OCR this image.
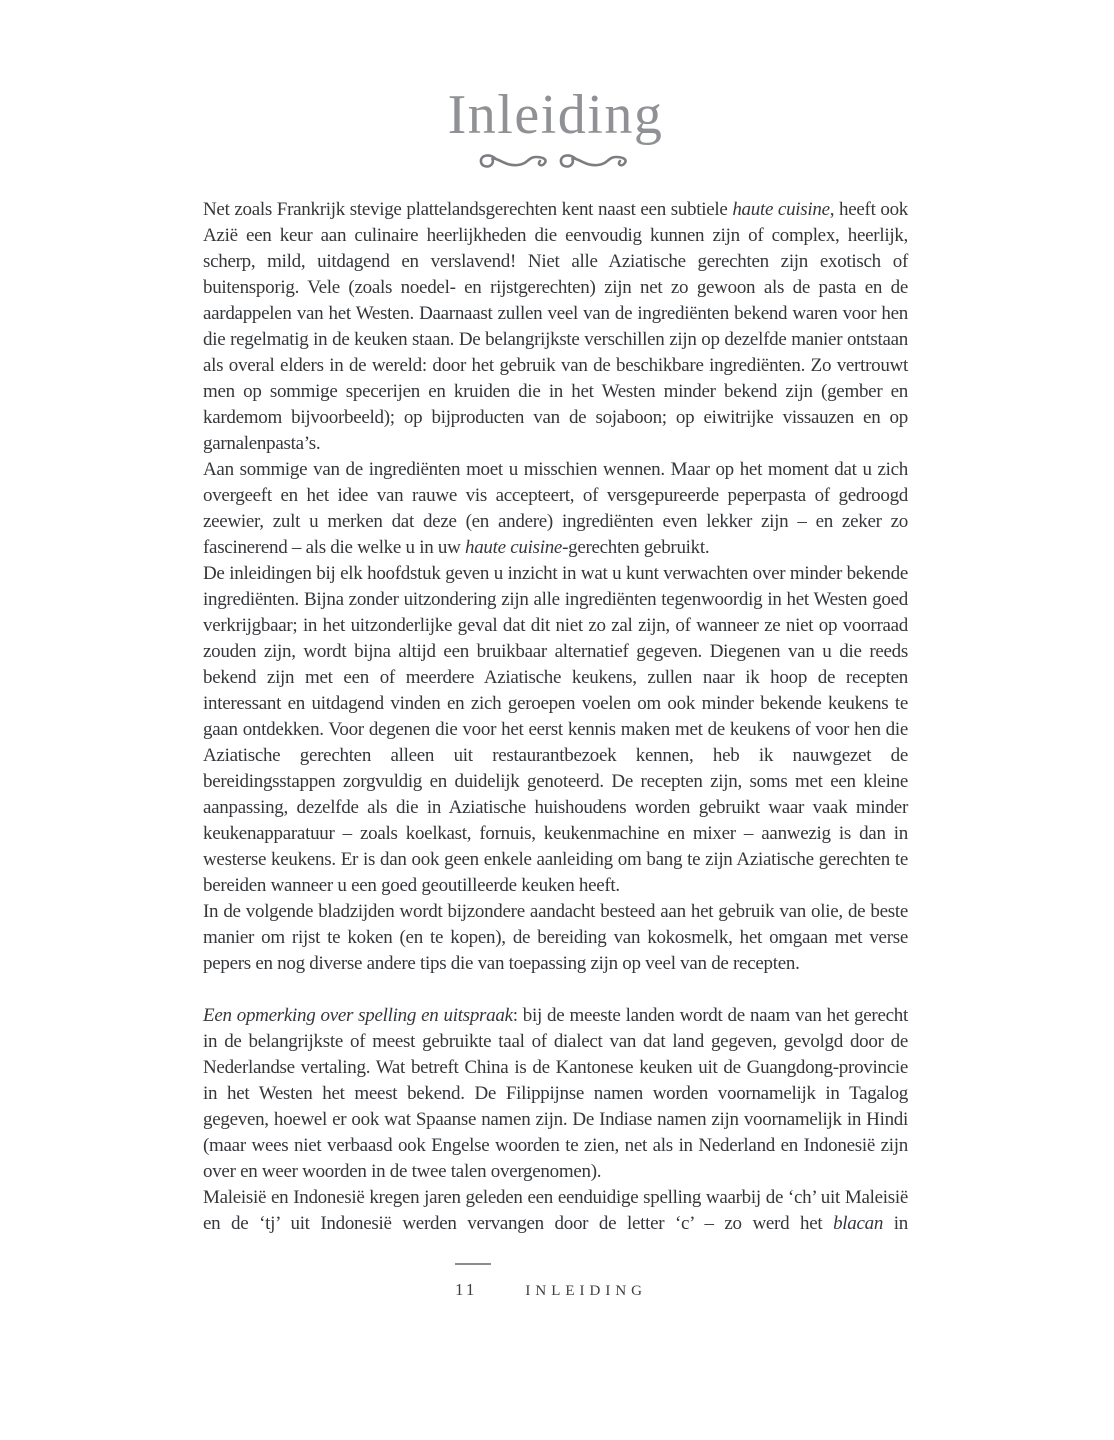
Inleiding

Net zoals Frankrijk stevige plattelandsgerechten kent naast een subtiele haute cuisine, heeft ook Azië een keur aan culinaire heerlijkheden die eenvoudig kunnen zijn of complex, heerlijk, scherp, mild, uitdagend en verslavend! Niet alle Aziatische gerechten zijn exotisch of buitensporig. Vele (zoals noedel- en rijstgerechten) zijn net zo gewoon als de pasta en de aardappelen van het Westen. Daarnaast zullen veel van de ingrediënten bekend waren voor hen die regelmatig in de keuken staan. De belangrijkste verschillen zijn op dezelfde manier ontstaan als overal elders in de wereld: door het gebruik van de beschikbare ingrediënten. Zo vertrouwt men op sommige specerijen en kruiden die in het Westen minder bekend zijn (gember en kardemom bijvoorbeeld); op bijproducten van de sojaboon; op eiwitrijke vissauzen en op garnalenpasta’s.

Aan sommige van de ingrediënten moet u misschien wennen. Maar op het moment dat u zich overgeeft en het idee van rauwe vis accepteert, of versgepureerde peperpasta of gedroogd zeewier, zult u merken dat deze (en andere) ingrediënten even lekker zijn – en zeker zo fascinerend – als die welke u in uw haute cuisine-gerechten gebruikt.

De inleidingen bij elk hoofdstuk geven u inzicht in wat u kunt verwachten over minder bekende ingrediënten. Bijna zonder uitzondering zijn alle ingrediënten tegenwoordig in het Westen goed verkrijgbaar; in het uitzonderlijke geval dat dit niet zo zal zijn, of wanneer ze niet op voorraad zouden zijn, wordt bijna altijd een bruikbaar alternatief gegeven. Diegenen van u die reeds bekend zijn met een of meerdere Aziatische keukens, zullen naar ik hoop de recepten interessant en uitdagend vinden en zich geroepen voelen om ook minder bekende keukens te gaan ontdekken. Voor degenen die voor het eerst kennis maken met de keukens of voor hen die Aziatische gerechten alleen uit restaurantbezoek kennen, heb ik nauwgezet de bereidingsstappen zorgvuldig en duidelijk genoteerd. De recepten zijn, soms met een kleine aanpassing, dezelfde als die in Aziatische huishoudens worden gebruikt waar vaak minder keukenapparatuur – zoals koelkast, fornuis, keukenmachine en mixer – aanwezig is dan in westerse keukens. Er is dan ook geen enkele aanleiding om bang te zijn Aziatische gerechten te bereiden wanneer u een goed geoutilleerde keuken heeft.

In de volgende bladzijden wordt bijzondere aandacht besteed aan het gebruik van olie, de beste manier om rijst te koken (en te kopen), de bereiding van kokosmelk, het omgaan met verse pepers en nog diverse andere tips die van toepassing zijn op veel van de recepten.

Een opmerking over spelling en uitspraak: bij de meeste landen wordt de naam van het gerecht in de belangrijkste of meest gebruikte taal of dialect van dat land gegeven, gevolgd door de Nederlandse vertaling. Wat betreft China is de Kantonese keuken uit de Guangdong-provincie in het Westen het meest bekend. De Filippijnse namen worden voornamelijk in Tagalog gegeven, hoewel er ook wat Spaanse namen zijn. De Indiase namen zijn voornamelijk in Hindi (maar wees niet verbaasd ook Engelse woorden te zien, net als in Nederland en Indonesië zijn over en weer woorden in de twee talen overgenomen).

Maleisië en Indonesië kregen jaren geleden een eenduidige spelling waarbij de ‘ch’ uit Maleisië en de ‘tj’ uit Indonesië werden vervangen door de letter ‘c’ – zo werd het blacan in

11	INLEIDING
